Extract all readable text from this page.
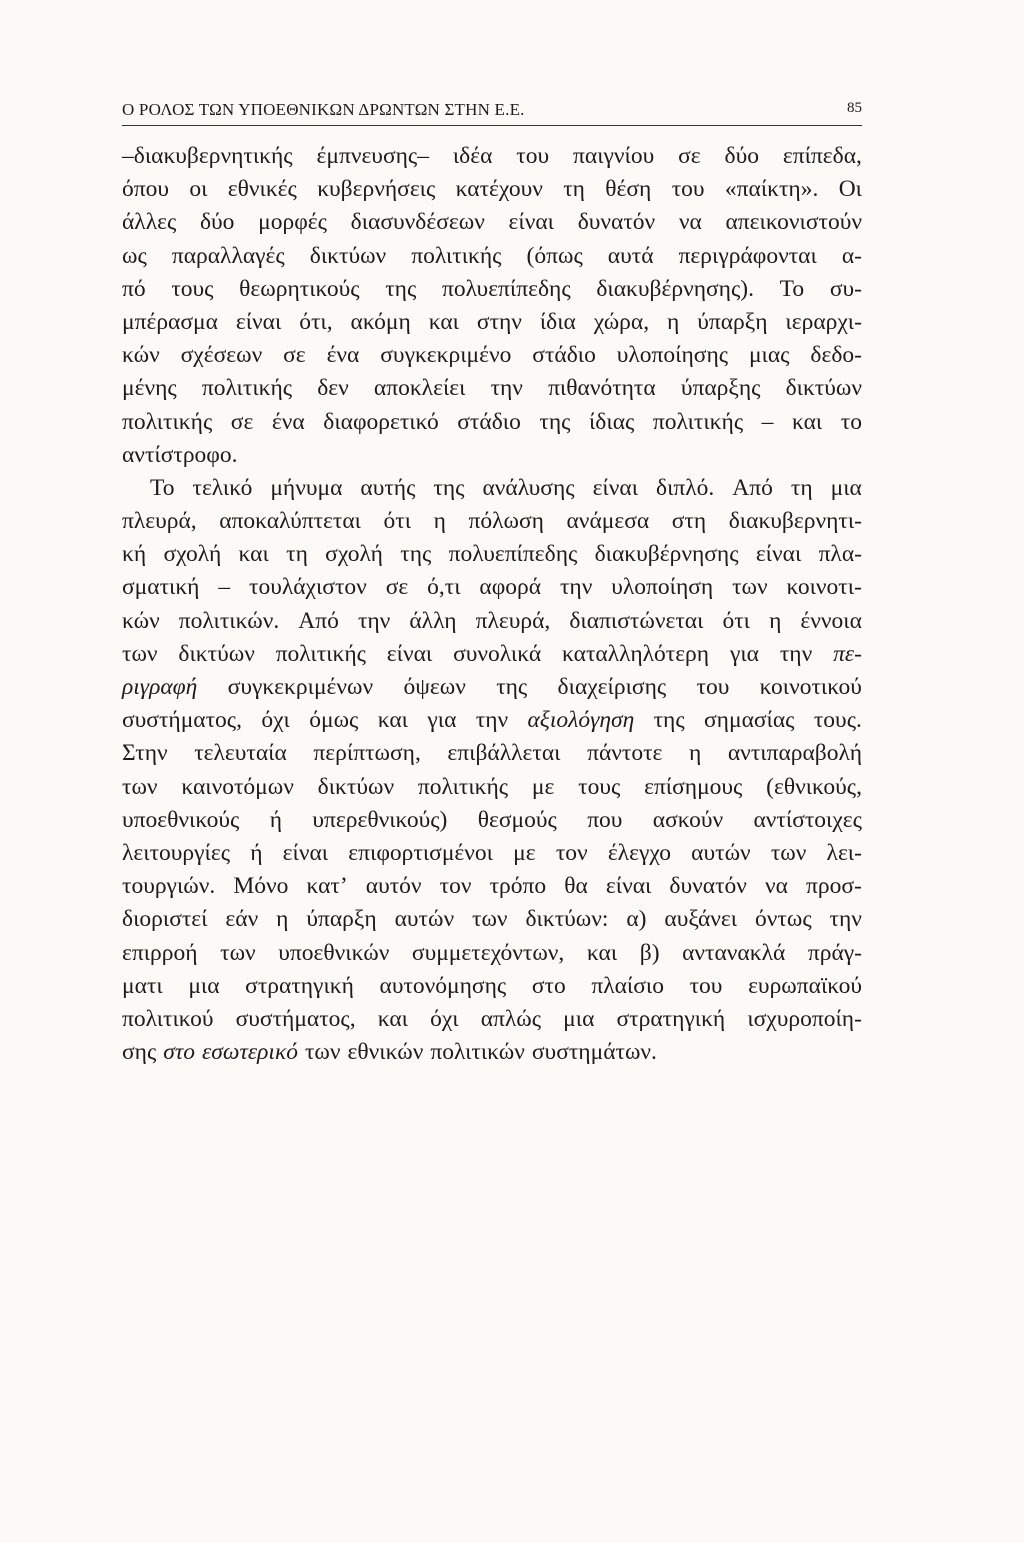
Ο ΡΟΛΟΣ ΤΩΝ ΥΠΟΕΘΝΙΚΩΝ ΔΡΩΝΤΩΝ ΣΤΗΝ Ε.Ε.	85
–διακυβερνητικής έμπνευσης– ιδέα του παιγνίου σε δύο επίπεδα,
όπου οι εθνικές κυβερνήσεις κατέχουν τη θέση του «παίκτη». Οι
άλλες δύο μορφές διασυνδέσεων είναι δυνατόν να απεικονιστούν
ως παραλλαγές δικτύων πολιτικής (όπως αυτά περιγράφονται α-
πό τους θεωρητικούς της πολυεπίπεδης διακυβέρνησης). Το συ-
μπέρασμα είναι ότι, ακόμη και στην ίδια χώρα, η ύπαρξη ιεραρχι-
κών σχέσεων σε ένα συγκεκριμένο στάδιο υλοποίησης μιας δεδο-
μένης πολιτικής δεν αποκλείει την πιθανότητα ύπαρξης δικτύων
πολιτικής σε ένα διαφορετικό στάδιο της ίδιας πολιτικής – και το
αντίστροφο.
Το τελικό μήνυμα αυτής της ανάλυσης είναι διπλό. Από τη μια
πλευρά, αποκαλύπτεται ότι η πόλωση ανάμεσα στη διακυβερνητι-
κή σχολή και τη σχολή της πολυεπίπεδης διακυβέρνησης είναι πλα-
σματική – τουλάχιστον σε ό,τι αφορά την υλοποίηση των κοινοτι-
κών πολιτικών. Από την άλλη πλευρά, διαπιστώνεται ότι η έννοια
των δικτύων πολιτικής είναι συνολικά καταλληλότερη για την πε-
ριγραφή συγκεκριμένων όψεων της διαχείρισης του κοινοτικού
συστήματος, όχι όμως και για την αξιολόγηση της σημασίας τους.
Στην τελευταία περίπτωση, επιβάλλεται πάντοτε η αντιπαραβολή
των καινοτόμων δικτύων πολιτικής με τους επίσημους (εθνικούς,
υποεθνικούς ή υπερεθνικούς) θεσμούς που ασκούν αντίστοιχες
λειτουργίες ή είναι επιφορτισμένοι με τον έλεγχο αυτών των λει-
τουργιών. Μόνο κατ’ αυτόν τον τρόπο θα είναι δυνατόν να προσ-
διοριστεί εάν η ύπαρξη αυτών των δικτύων: α) αυξάνει όντως την
επιρροή των υποεθνικών συμμετεχόντων, και β) αντανακλά πράγ-
ματι μια στρατηγική αυτονόμησης στο πλαίσιο του ευρωπαϊκού
πολιτικού συστήματος, και όχι απλώς μια στρατηγική ισχυροποίη-
σης στο εσωτερικό των εθνικών πολιτικών συστημάτων.
